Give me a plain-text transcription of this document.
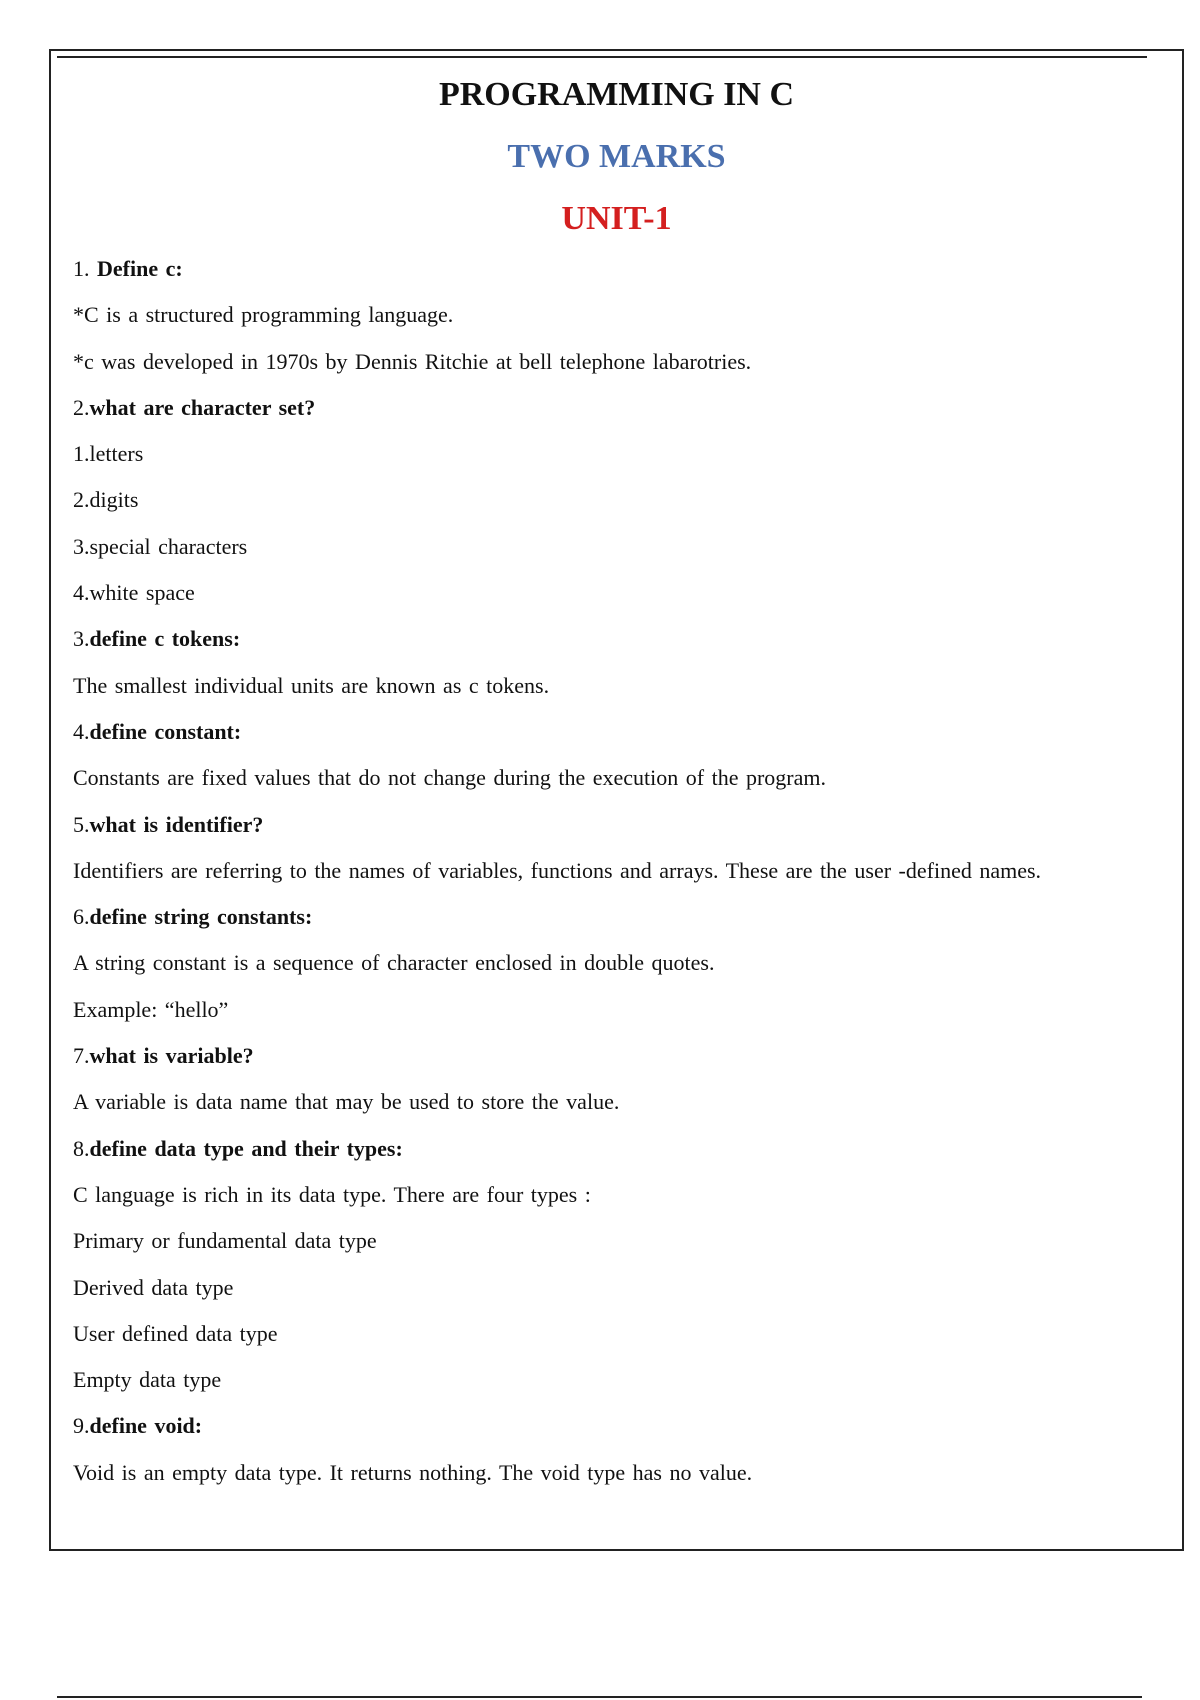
PROGRAMMING IN C
TWO MARKS
UNIT-1
1. Define c:
*C is a structured programming language.
*c was developed in 1970s by Dennis Ritchie at bell telephone labarotries.
2.what are character set?
1.letters
2.digits
3.special characters
4.white space
3.define c tokens:
The smallest individual units are known as c tokens.
4.define constant:
Constants are fixed values that do not change during the execution of the program.
5.what is identifier?
Identifiers are referring to the names of variables, functions and arrays. These are the user -defined names.
6.define string constants:
A string constant is a sequence of character enclosed in double quotes.
Example: “hello”
7.what is variable?
A variable is data name that may be used to store the value.
8.define data type and their types:
C language is rich in its data type. There are four types :
Primary or fundamental data type
Derived data type
User defined data type
Empty data type
9.define void:
Void is an empty data type. It returns nothing. The void type has no value.
